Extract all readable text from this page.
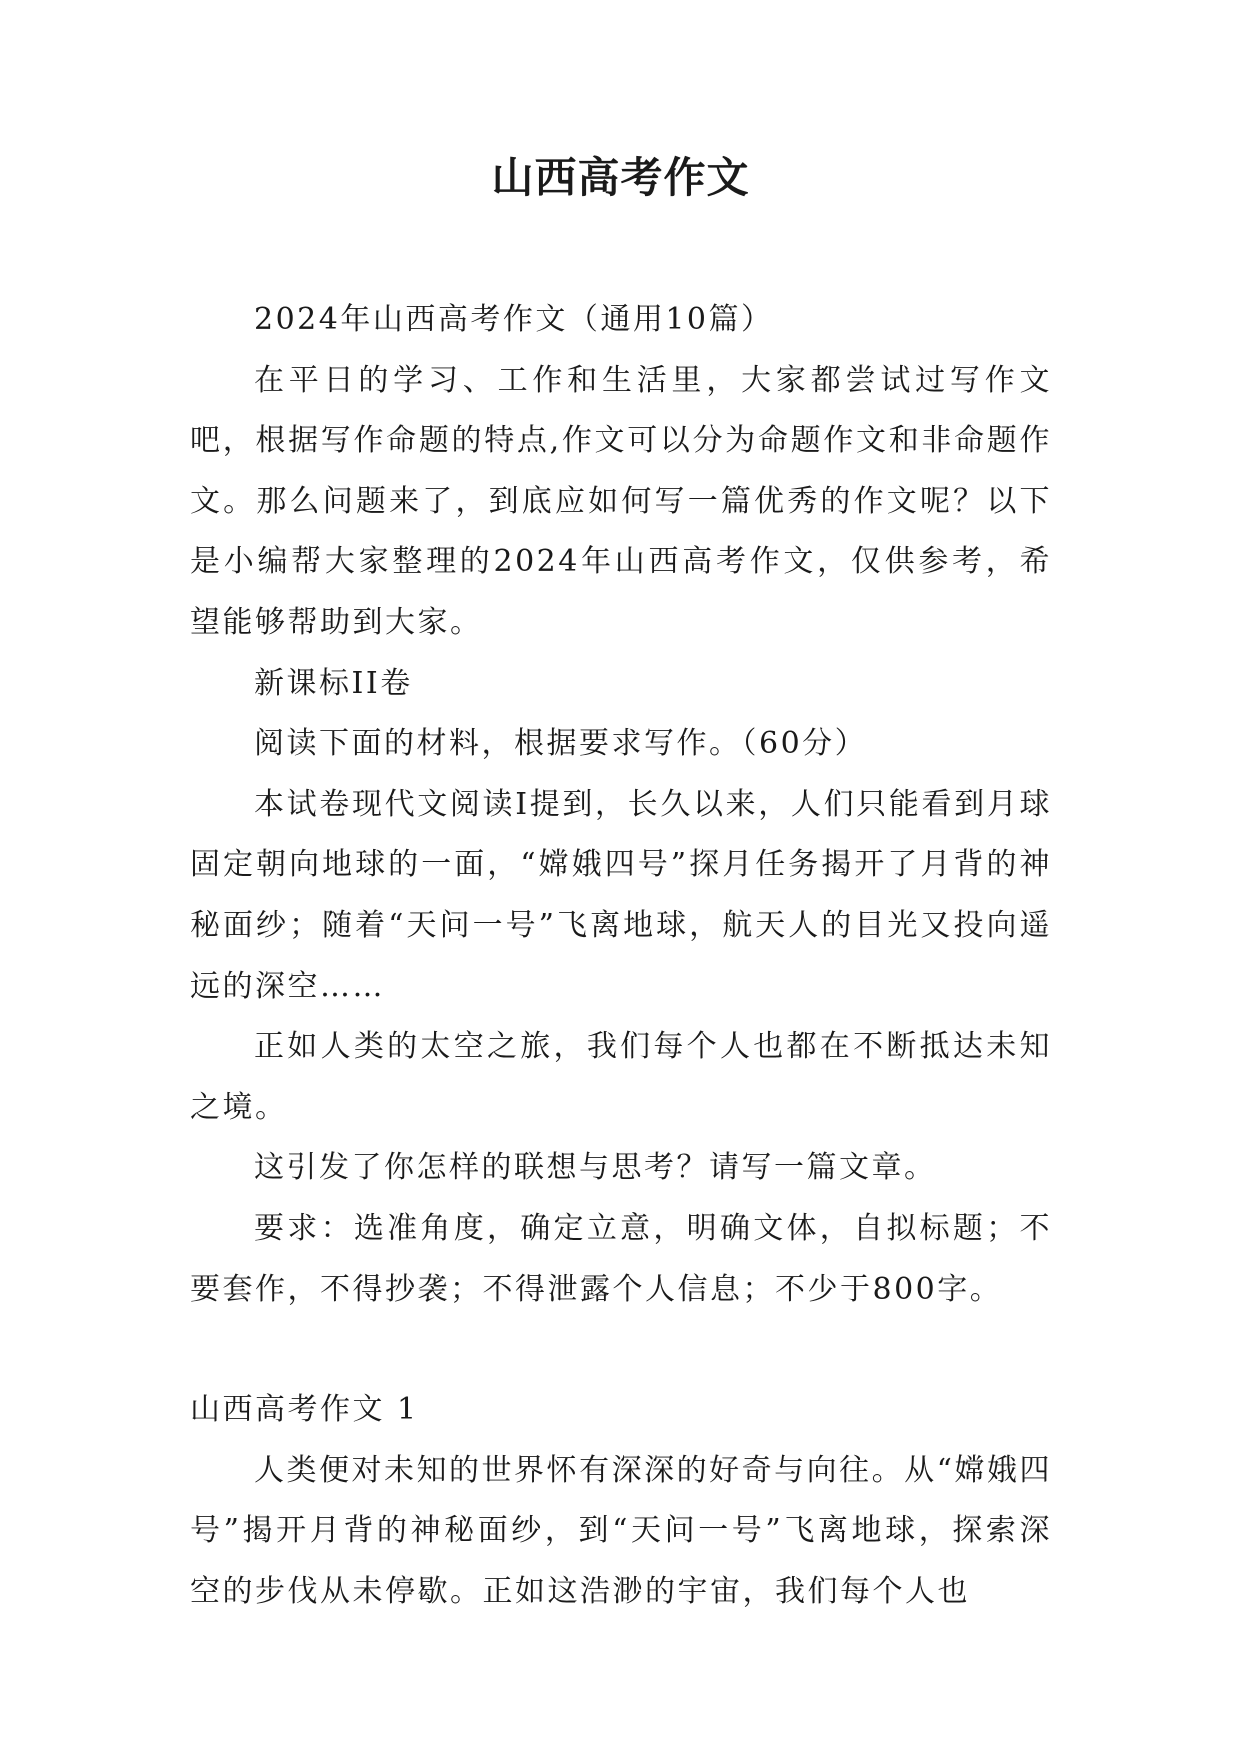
山西高考作文

2024年山西高考作文（通用10篇）

在平日的学习、工作和生活里，大家都尝试过写作文吧，根据写作命题的特点,作文可以分为命题作文和非命题作文。那么问题来了，到底应如何写一篇优秀的作文呢？以下是小编帮大家整理的2024年山西高考作文，仅供参考，希望能够帮助到大家。

新课标II卷

阅读下面的材料，根据要求写作。（60分）

本试卷现代文阅读I提到，长久以来，人们只能看到月球固定朝向地球的一面，“嫦娥四号”探月任务揭开了月背的神秘面纱；随着“天问一号”飞离地球，航天人的目光又投向遥远的深空……

正如人类的太空之旅，我们每个人也都在不断抵达未知之境。

这引发了你怎样的联想与思考？请写一篇文章。

要求：选准角度，确定立意，明确文体，自拟标题；不要套作，不得抄袭；不得泄露个人信息；不少于800字。

山西高考作文 1

人类便对未知的世界怀有深深的好奇与向往。从“嫦娥四号”揭开月背的神秘面纱，到“天问一号”飞离地球，探索深空的步伐从未停歇。正如这浩渺的宇宙，我们每个人也
